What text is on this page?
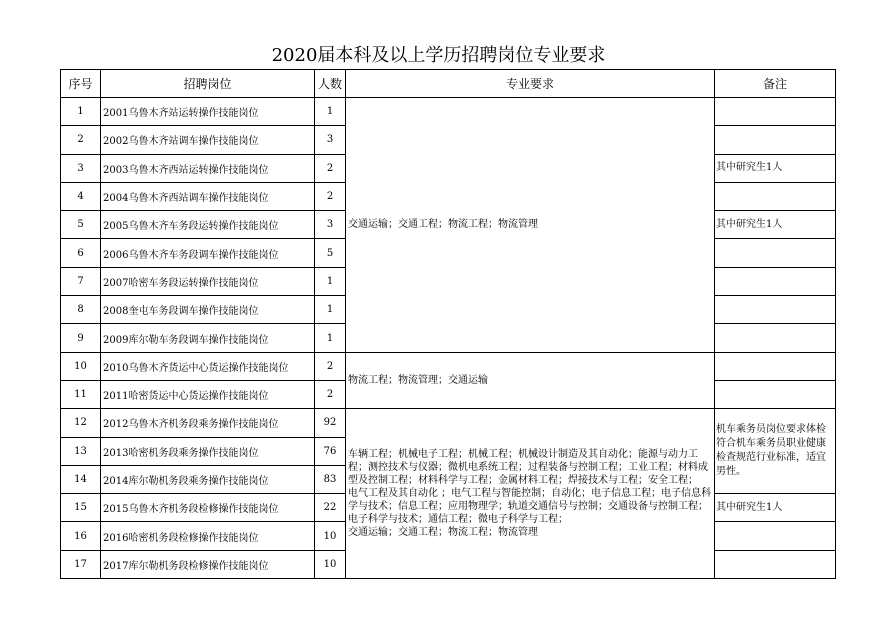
2020届本科及以上学历招聘岗位专业要求
序号	招聘岗位	人数	专业要求	备注
1	2001乌鲁木齐站运转操作技能岗位	1	交通运输；交通工程；物流工程；物流管理	
2	2002乌鲁木齐站调车操作技能岗位	3		
3	2003乌鲁木齐西站运转操作技能岗位	2		其中研究生1人
4	2004乌鲁木齐西站调车操作技能岗位	2		
5	2005乌鲁木齐车务段运转操作技能岗位	3		其中研究生1人
6	2006乌鲁木齐车务段调车操作技能岗位	5		
7	2007哈密车务段运转操作技能岗位	1		
8	2008奎屯车务段调车操作技能岗位	1		
9	2009库尔勒车务段调车操作技能岗位	1		
10	2010乌鲁木齐货运中心货运操作技能岗位	2	物流工程；物流管理；交通运输	
11	2011哈密货运中心货运操作技能岗位	2		
12	2012乌鲁木齐机务段乘务操作技能岗位	92	车辆工程；机械电子工程；机械工程；机械设计制造及其自动化；能源与动力工程；测控技术与仪器；微机电系统工程；过程装备与控制工程；工业工程；材料成型及控制工程；材料科学与工程；金属材料工程；焊接技术与工程；安全工程；
电气工程及其自动化 ；电气工程与智能控制；自动化；电子信息工程；电子信息科学与技术；信息工程；应用物理学；轨道交通信号与控制；交通设备与控制工程；电子科学与技术；通信工程；微电子科学与工程；
交通运输；交通工程；物流工程；物流管理	机车乘务员岗位要求体检符合机车乘务员职业健康检查规范行业标准，适宜男性。
13	2013哈密机务段乘务操作技能岗位	76		
14	2014库尔勒机务段乘务操作技能岗位	83		
15	2015乌鲁木齐机务段检修操作技能岗位	22		其中研究生1人
16	2016哈密机务段检修操作技能岗位	10		
17	2017库尔勒机务段检修操作技能岗位	10		
